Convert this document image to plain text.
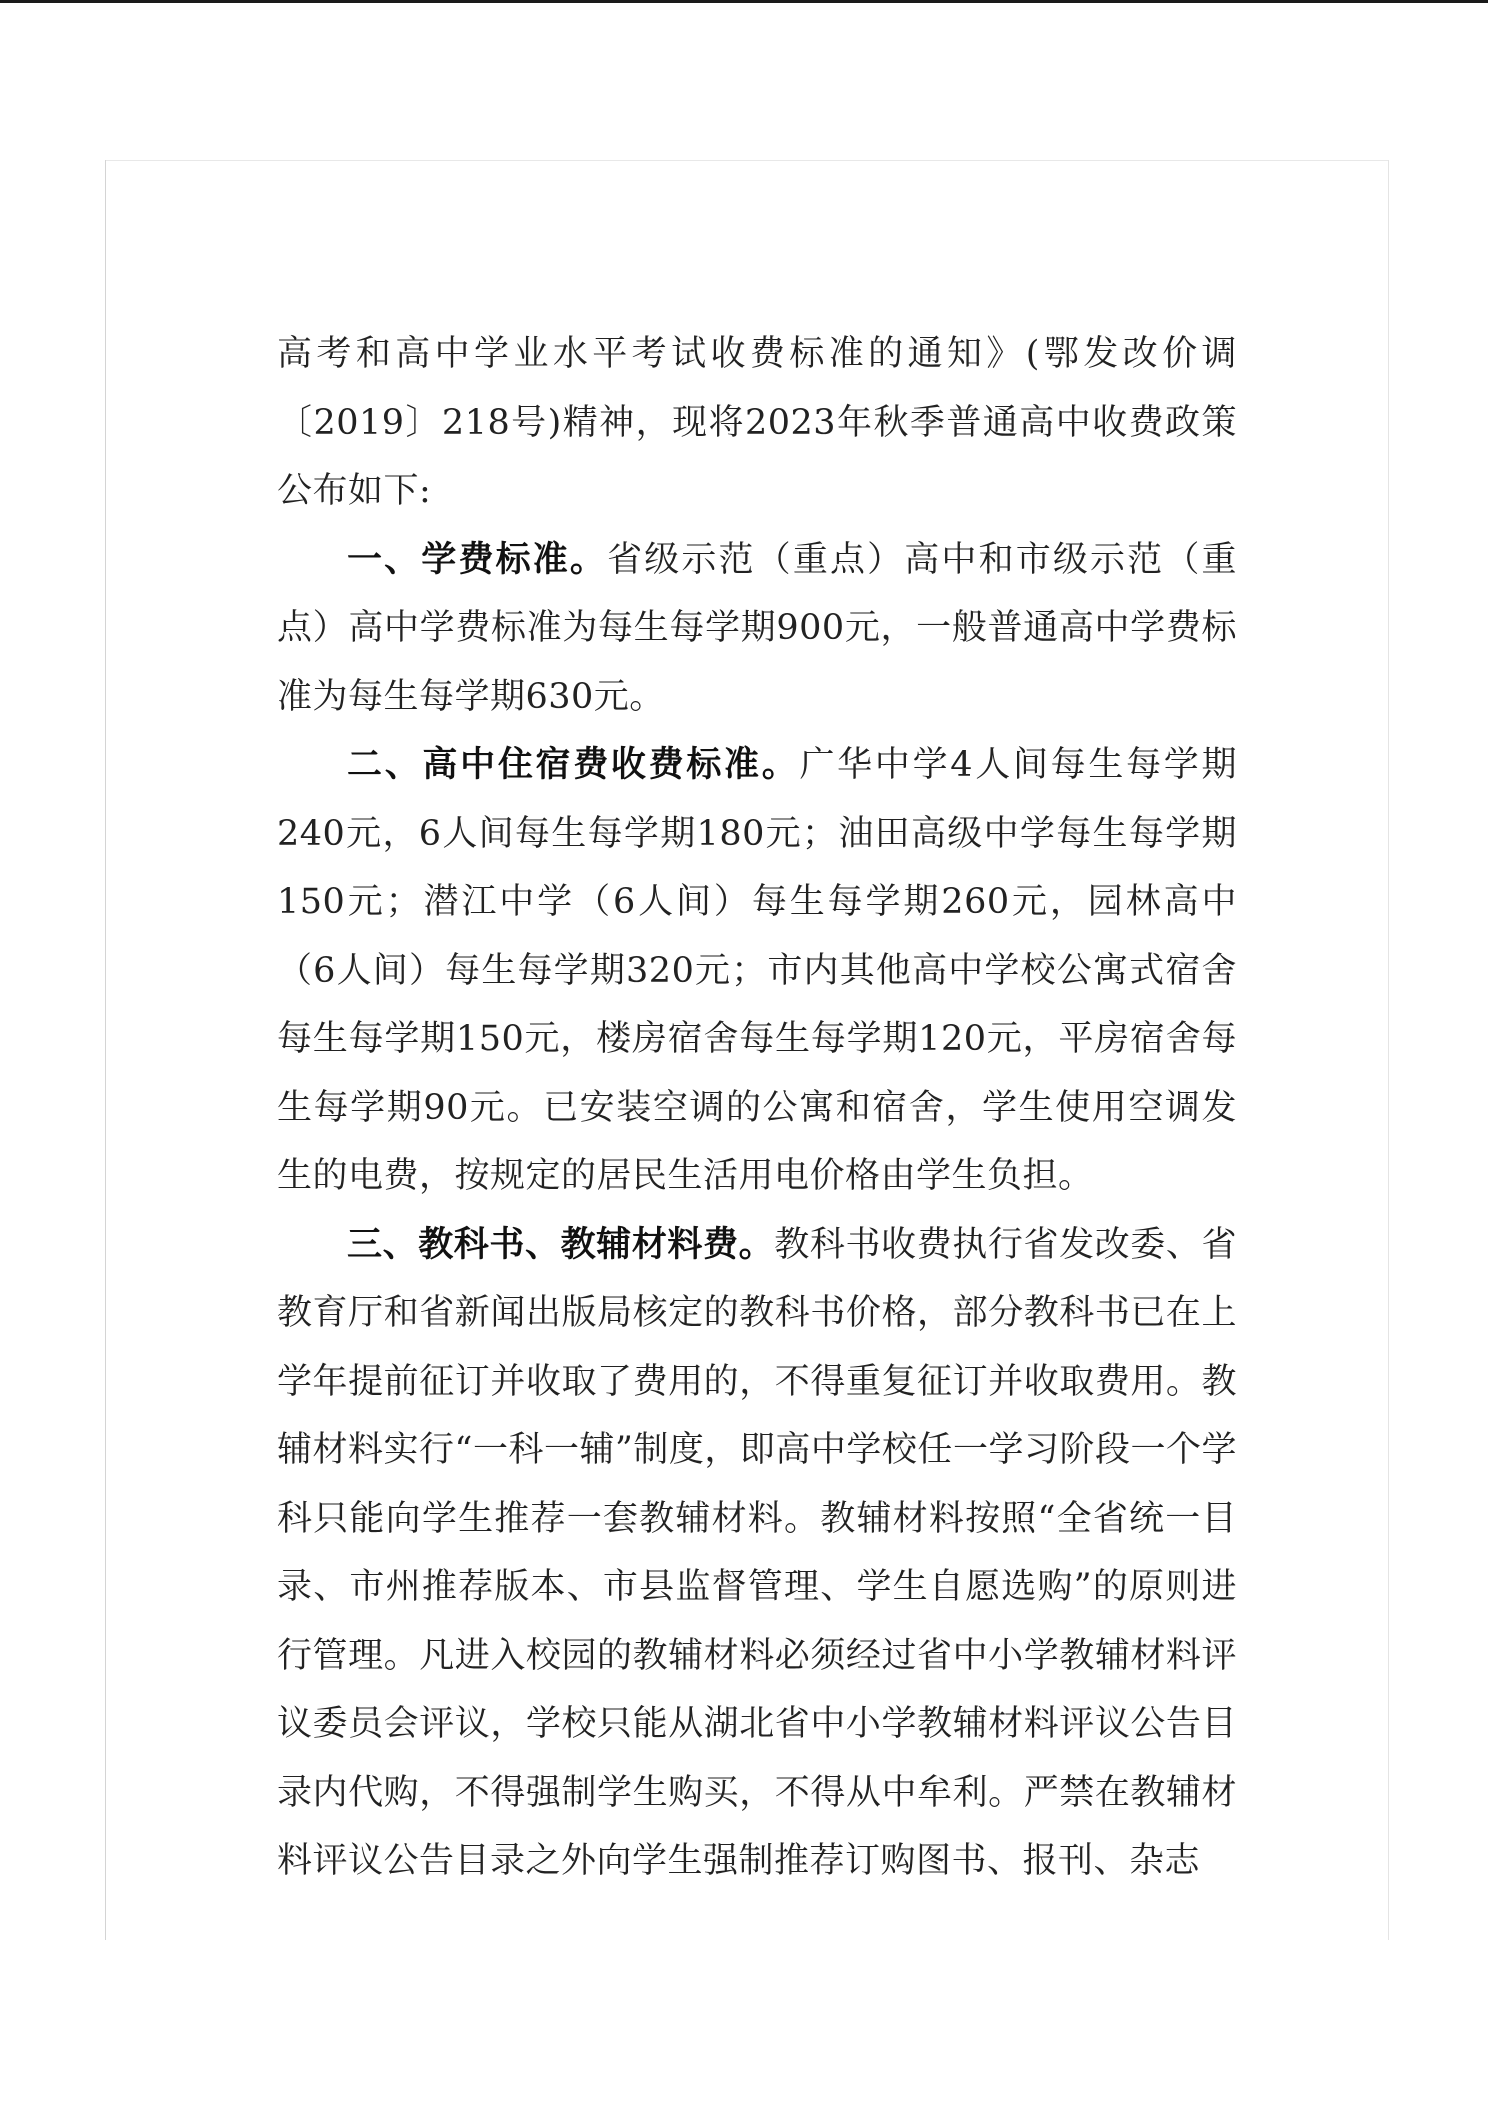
高考和高中学业水平考试收费标准的通知》(鄂发改价调〔2019〕218号)精神，现将2023年秋季普通高中收费政策公布如下:

一、学费标准。省级示范（重点）高中和市级示范（重点）高中学费标准为每生每学期900元，一般普通高中学费标准为每生每学期630元。

二、高中住宿费收费标准。广华中学4人间每生每学期240元，6人间每生每学期180元；油田高级中学每生每学期150元；潜江中学（6人间）每生每学期260元，园林高中（6人间）每生每学期320元；市内其他高中学校公寓式宿舍每生每学期150元，楼房宿舍每生每学期120元，平房宿舍每生每学期90元。已安装空调的公寓和宿舍，学生使用空调发生的电费，按规定的居民生活用电价格由学生负担。

三、教科书、教辅材料费。教科书收费执行省发改委、省教育厅和省新闻出版局核定的教科书价格，部分教科书已在上学年提前征订并收取了费用的，不得重复征订并收取费用。教辅材料实行“一科一辅”制度，即高中学校任一学习阶段一个学科只能向学生推荐一套教辅材料。教辅材料按照“全省统一目录、市州推荐版本、市县监督管理、学生自愿选购”的原则进行管理。凡进入校园的教辅材料必须经过省中小学教辅材料评议委员会评议，学校只能从湖北省中小学教辅材料评议公告目录内代购，不得强制学生购买，不得从中牟利。严禁在教辅材料评议公告目录之外向学生强制推荐订购图书、报刊、杂志
